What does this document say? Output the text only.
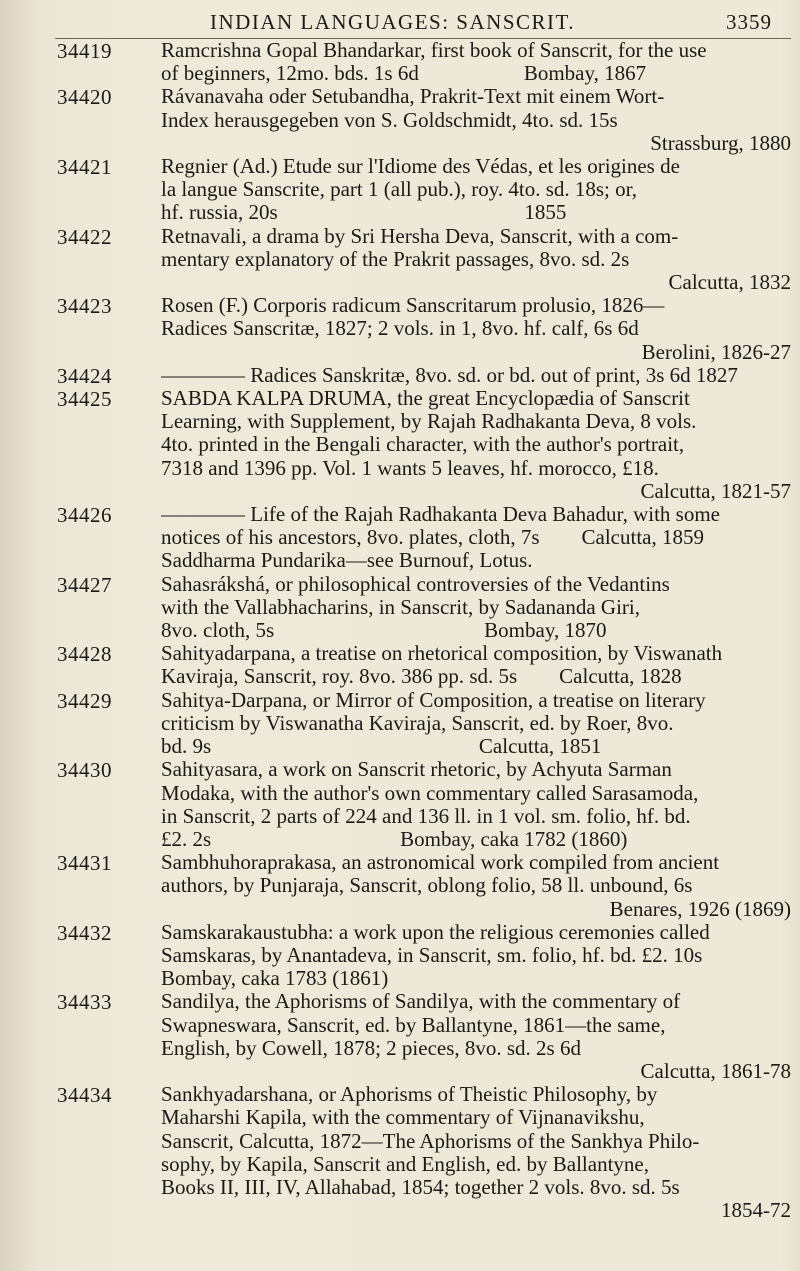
INDIAN LANGUAGES: SANSCRIT.	3359
34419 Ramcrishna Gopal Bhandarkar, first book of Sanscrit, for the use
of beginners, 12mo. bds. 1s 6d                    Bombay, 1867
34420 Rávanavaha oder Setubandha, Prakrit-Text mit einem Wort-
Index herausgegeben von S. Goldschmidt, 4to. sd. 15s
Strassburg, 1880
34421 Regnier (Ad.) Etude sur l'Idiome des Védas, et les origines de
la langue Sanscrite, part 1 (all pub.), roy. 4to. sd. 18s; or,
hf. russia, 20s                                               1855
34422 Retnavali, a drama by Sri Hersha Deva, Sanscrit, with a com-
mentary explanatory of the Prakrit passages, 8vo. sd. 2s
Calcutta, 1832
34423 Rosen (F.) Corporis radicum Sanscritarum prolusio, 1826—
Radices Sanscritæ, 1827; 2 vols. in 1, 8vo. hf. calf, 6s 6d
Berolini, 1826-27
34424 ———— Radices Sanskritæ, 8vo. sd. or bd. out of print, 3s 6d 1827
34425 SABDA KALPA DRUMA, the great Encyclopædia of Sanscrit
Learning, with Supplement, by Rajah Radhakanta Deva, 8 vols.
4to. printed in the Bengali character, with the author's portrait,
7318 and 1396 pp. Vol. 1 wants 5 leaves, hf. morocco, £18.
Calcutta, 1821-57
34426 ———— Life of the Rajah Radhakanta Deva Bahadur, with some
notices of his ancestors, 8vo. plates, cloth, 7s        Calcutta, 1859
Saddharma Pundarika—see Burnouf, Lotus.
34427 Sahasrákshá, or philosophical controversies of the Vedantins
with the Vallabhacharins, in Sanscrit, by Sadananda Giri,
8vo. cloth, 5s                                        Bombay, 1870
34428 Sahityadarpana, a treatise on rhetorical composition, by Viswanath
Kaviraja, Sanscrit, roy. 8vo. 386 pp. sd. 5s        Calcutta, 1828
34429 Sahitya-Darpana, or Mirror of Composition, a treatise on literary
criticism by Viswanatha Kaviraja, Sanscrit, ed. by Roer, 8vo.
bd. 9s                                                   Calcutta, 1851
34430 Sahityasara, a work on Sanscrit rhetoric, by Achyuta Sarman
Modaka, with the author's own commentary called Sarasamoda,
in Sanscrit, 2 parts of 224 and 136 ll. in 1 vol. sm. folio, hf. bd.
£2. 2s                                    Bombay, caka 1782 (1860)
34431 Sambhuhoraprakasa, an astronomical work compiled from ancient
authors, by Punjaraja, Sanscrit, oblong folio, 58 ll. unbound, 6s
Benares, 1926 (1869)
34432 Samskarakaustubha: a work upon the religious ceremonies called
Samskaras, by Anantadeva, in Sanscrit, sm. folio, hf. bd. £2. 10s
Bombay, caka 1783 (1861)
34433 Sandilya, the Aphorisms of Sandilya, with the commentary of
Swapneswara, Sanscrit, ed. by Ballantyne, 1861—the same,
English, by Cowell, 1878; 2 pieces, 8vo. sd. 2s 6d
Calcutta, 1861-78
34434 Sankhyadarshana, or Aphorisms of Theistic Philosophy, by
Maharshi Kapila, with the commentary of Vijnanavikshu,
Sanscrit, Calcutta, 1872—The Aphorisms of the Sankhya Philo-
sophy, by Kapila, Sanscrit and English, ed. by Ballantyne,
Books II, III, IV, Allahabad, 1854; together 2 vols. 8vo. sd. 5s
1854-72
